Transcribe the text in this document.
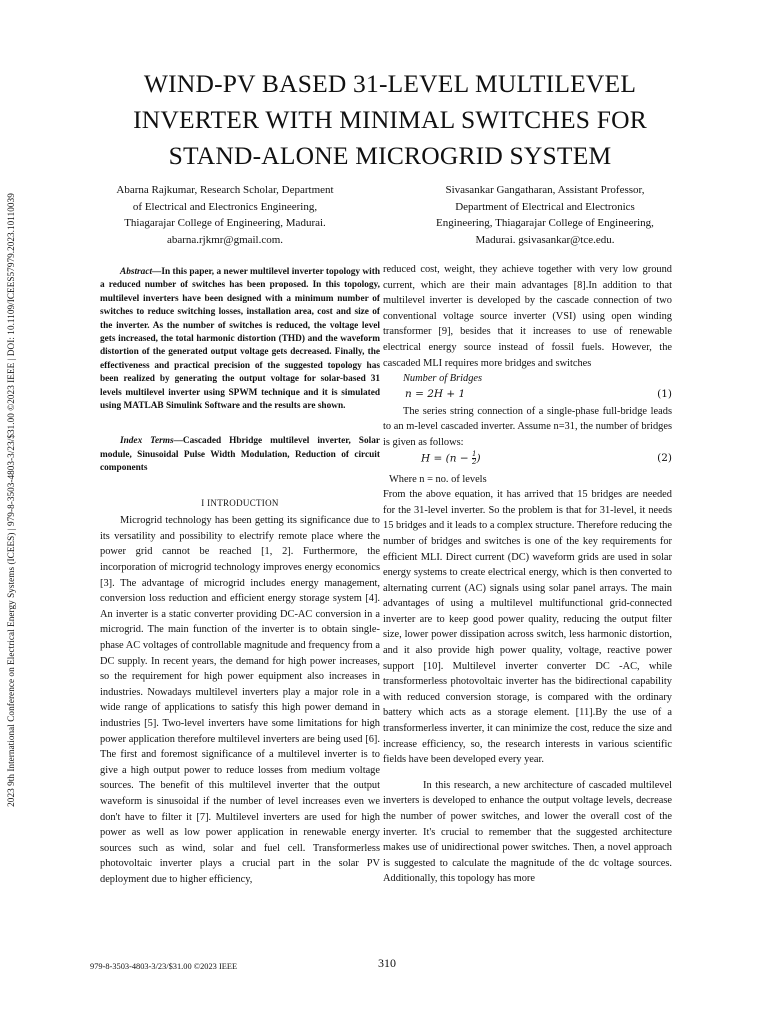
2023 9th International Conference on Electrical Energy Systems (ICEES) | 979-8-3503-4803-3/23/$31.00 ©2023 IEEE | DOI: 10.1109/ICEES57979.2023.10110039
WIND-PV BASED 31-LEVEL MULTILEVEL
INVERTER WITH MINIMAL SWITCHES FOR
STAND-ALONE MICROGRID SYSTEM
Abarna Rajkumar, Research Scholar, Department
of Electrical and Electronics Engineering,
Thiagarajar College of Engineering, Madurai.
abarna.rjkmr@gmail.com.
Sivasankar Gangatharan, Assistant Professor,
Department of Electrical and Electronics
Engineering, Thiagarajar College of Engineering,
Madurai. gsivasankar@tce.edu.

Abstract—In this paper, a newer multilevel inverter topology with a reduced number of switches has been proposed. In this topology, multilevel inverters have been designed with a minimum number of switches to reduce switching losses, installation area, cost and size of the inverter. As the number of switches is reduced, the voltage level gets increased, the total harmonic distortion (THD) and the waveform distortion of the generated output voltage gets decreased. Finally, the effectiveness and practical precision of the suggested topology has been realized by generating the output voltage for solar-based 31 levels multilevel inverter using SPWM technique and it is simulated using MATLAB Simulink Software and the results are shown.

Index Terms—Cascaded Hbridge multilevel inverter, Solar module, Sinusoidal Pulse Width Modulation, Reduction of circuit components

I INTRODUCTION

Microgrid technology has been getting its significance due to its versatility and possibility to electrify remote place where the power grid cannot be reached [1, 2]. Furthermore, the incorporation of microgrid technology improves energy economics [3]. The advantage of microgrid includes energy management, conversion loss reduction and efficient energy storage system [4]. An inverter is a static converter providing DC-AC conversion in a microgrid. The main function of the inverter is to obtain single-phase AC voltages of controllable magnitude and frequency from a DC supply. In recent years, the demand for high power increases, so the requirement for high power equipment also increases in industries. Nowadays multilevel inverters play a major role in a wide range of applications to satisfy this high power demand in industries [5]. Two-level inverters have some limitations for high power application therefore multilevel inverters are being used [6]. The first and foremost significance of a multilevel inverter is to give a high output power to reduce losses from medium voltage sources. The benefit of this multilevel inverter that the output waveform is sinusoidal if the number of level increases even we don't have to filter it [7]. Multilevel inverters are used for high power as well as low power application in renewable energy sources such as wind, solar and fuel cell. Transformerless photovoltaic inverter plays a crucial part in the solar PV deployment due to higher efficiency,

reduced cost, weight, they achieve together with very low ground current, which are their main advantages [8].In addition to that multilevel inverter is developed by the cascade connection of two conventional voltage source inverter (VSI) using open winding transformer [9], besides that it increases to use of renewable electrical energy source instead of fossil fuels. However, the cascaded MLI requires more bridges and switches

Number of Bridges

n = 2H + 1	(1)

The series string connection of a single-phase full-bridge leads to an m-level cascaded inverter. Assume n=31, the number of bridges is given as follows:

$H = (n - \frac{1}{2}$ )	(2)

Where n = no. of levels

From the above equation, it has arrived that 15 bridges are needed for the 31-level inverter. So the problem is that for 31-level, it needs 15 bridges and it leads to a complex structure. Therefore reducing the number of bridges and switches is one of the key requirements for efficient MLI. Direct current (DC) waveform grids are used in solar energy systems to create electrical energy, which is then converted to alternating current (AC) signals using solar panel arrays. The main advantages of using a multilevel multifunctional grid-connected inverter are to keep good power quality, reducing the output filter size, lower power dissipation across switch, less harmonic distortion, and it also provide high power quality, voltage, reactive power support [10]. Multilevel inverter converter DC -AC, while transformerless photovoltaic inverter has the bidirectional capability with reduced conversion storage, is compared with the ordinary battery which acts as a storage element. [11].By the use of a transformerless inverter, it can minimize the cost, reduce the size and increase efficiency, so, the research interests in various scientific fields have been developed every year.

In this research, a new architecture of cascaded multilevel inverters is developed to enhance the output voltage levels, decrease the number of power switches, and lower the overall cost of the inverter. It's crucial to remember that the suggested architecture makes use of unidirectional power switches. Then, a novel approach is suggested to calculate the magnitude of the dc voltage sources. Additionally, this topology has more

979-8-3503-4803-3/23/$31.00 ©2023 IEEE	310
